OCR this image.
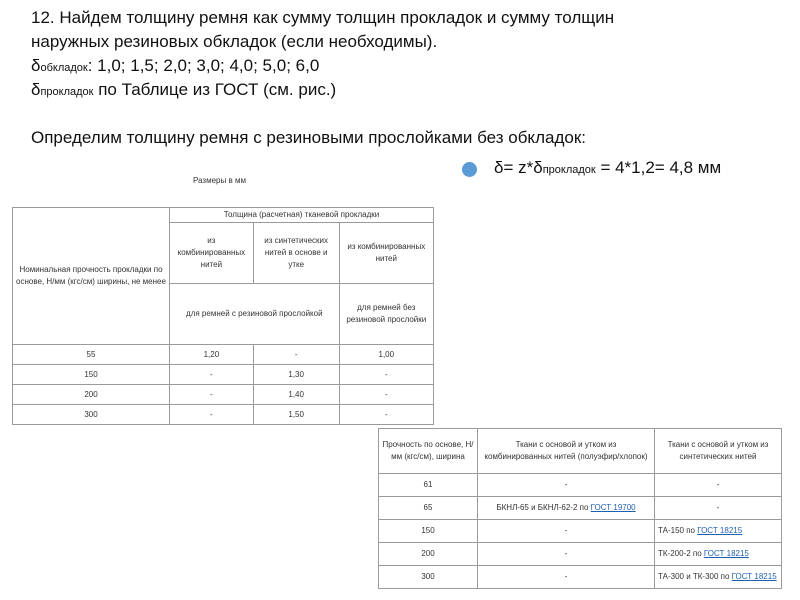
12. Найдем толщину ремня как сумму толщин прокладок и сумму толщин
наружных резиновых обкладок (если необходимы).
δобкладок: 1,0; 1,5; 2,0; 3,0; 4,0; 5,0; 6,0
δпрокладок по Таблице из ГОСТ (см. рис.)
Определим толщину ремня с резиновыми прослойками без обкладок:
δ= z*δпрокладок = 4*1,2= 4,8 мм
Размеры в мм
Номинальная прочность прокладки по основе, Н/мм (кгс/см) ширины, не менее	Толщина (расчетная) тканевой прокладки		
	из комбинированных нитей	из синтетических нитей в основе и утке	из комбинированных нитей
	для ремней с резиновой прослойкой		для ремней без резиновой прослойки
55	1,20	-	1,00
150	-	1,30	-
200	-	1,40	-
300	-	1,50	-
Прочность по основе, Н/мм (кгс/см), ширина	Ткани с основой и утком из комбинированных нитей (полуэфир/хлопок)	Ткани с основой и утком из синтетических нитей
61	-	-
65	БКНЛ-65 и БКНЛ-62-2 по ГОСТ 19700	-
150	-	ТА-150 по ГОСТ 18215
200	-	ТК-200-2 по ГОСТ 18215
300	-	ТА-300 и ТК-300 по ГОСТ 18215
